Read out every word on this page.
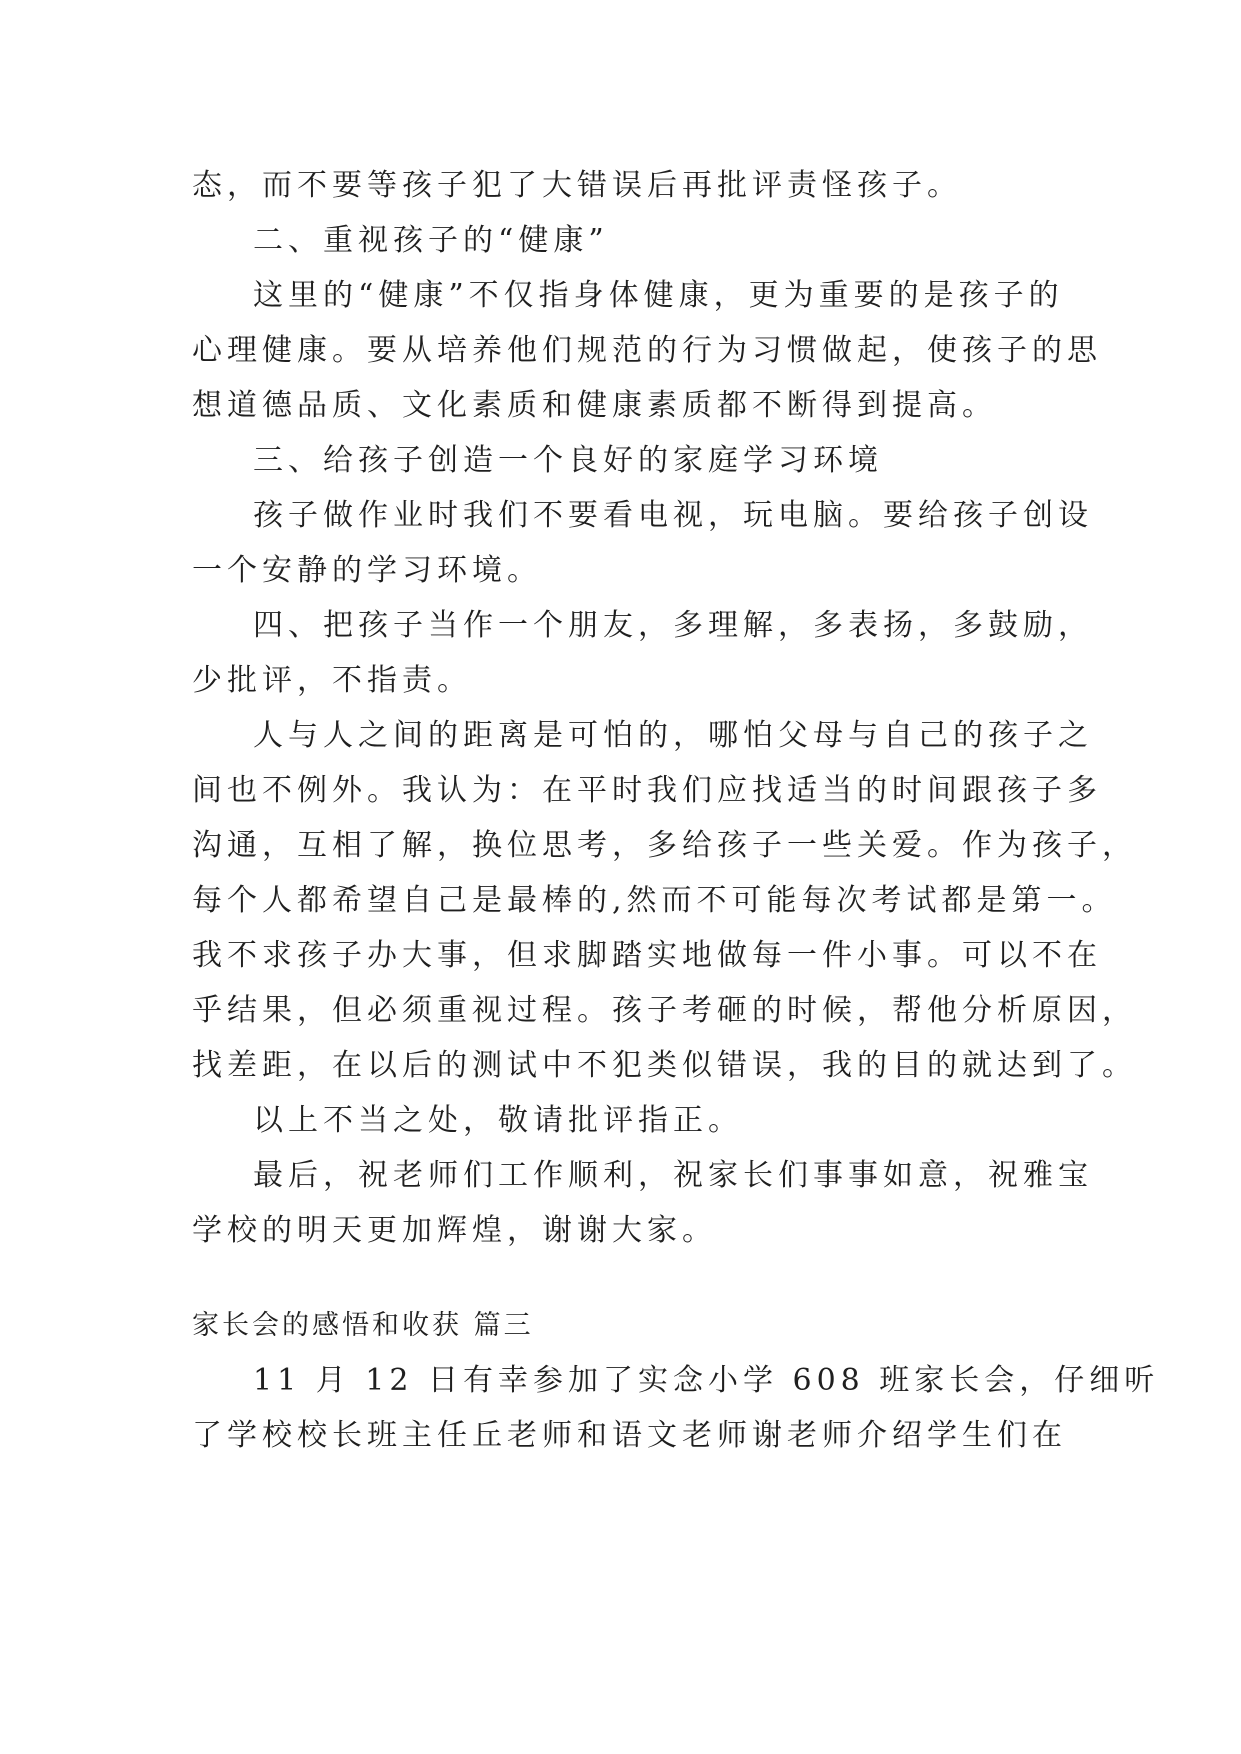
态，而不要等孩子犯了大错误后再批评责怪孩子。
二、重视孩子的“健康”
这里的“健康”不仅指身体健康，更为重要的是孩子的
心理健康。要从培养他们规范的行为习惯做起，使孩子的思
想道德品质、文化素质和健康素质都不断得到提高。
三、给孩子创造一个良好的家庭学习环境
孩子做作业时我们不要看电视，玩电脑。要给孩子创设
一个安静的学习环境。
四、把孩子当作一个朋友，多理解，多表扬，多鼓励，
少批评，不指责。
人与人之间的距离是可怕的，哪怕父母与自己的孩子之
间也不例外。我认为：在平时我们应找适当的时间跟孩子多
沟通，互相了解，换位思考，多给孩子一些关爱。作为孩子，
每个人都希望自己是最棒的,然而不可能每次考试都是第一。
我不求孩子办大事，但求脚踏实地做每一件小事。可以不在
乎结果，但必须重视过程。孩子考砸的时候，帮他分析原因，
找差距，在以后的测试中不犯类似错误，我的目的就达到了。
以上不当之处，敬请批评指正。
最后，祝老师们工作顺利，祝家长们事事如意，祝雅宝
学校的明天更加辉煌，谢谢大家。
家长会的感悟和收获 篇三
11 月 12 日有幸参加了实念小学 608 班家长会，仔细听
了学校校长班主任丘老师和语文老师谢老师介绍学生们在
